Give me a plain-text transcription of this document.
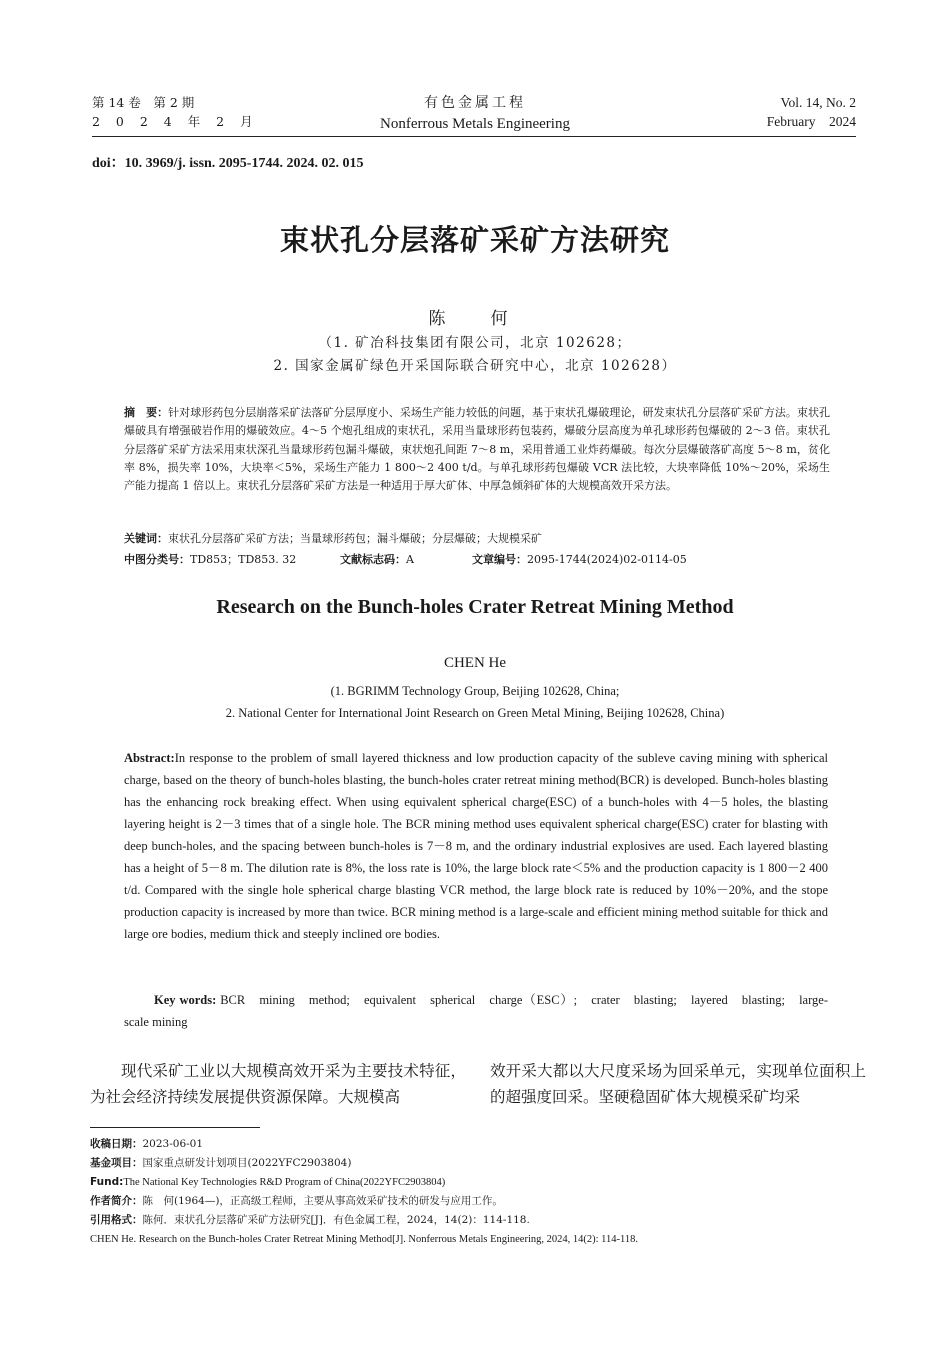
第 14 卷　第 2 期
2 0 2 4 年 2 月
有色金属工程
Nonferrous Metals Engineering
Vol. 14, No. 2
February　2024
doi：10. 3969/j. issn. 2095-1744. 2024. 02. 015
束状孔分层落矿采矿方法研究
陈　何
（1. 矿冶科技集团有限公司，北京 102628；
2. 国家金属矿绿色开采国际联合研究中心，北京 102628）
摘　要：针对球形药包分层崩落采矿法落矿分层厚度小、采场生产能力较低的问题，基于束状孔爆破理论，研发束状孔分层落矿采矿方法。束状孔爆破具有增强破岩作用的爆破效应。4～5 个炮孔组成的束状孔，采用当量球形药包装药，爆破分层高度为单孔球形药包爆破的 2～3 倍。束状孔分层落矿采矿方法采用束状深孔当量球形药包漏斗爆破，束状炮孔间距 7～8 m，采用普通工业炸药爆破。每次分层爆破落矿高度 5～8 m，贫化率 8%，损失率 10%，大块率＜5%，采场生产能力 1 800～2 400 t/d。与单孔球形药包爆破 VCR 法比较，大块率降低 10%～20%，采场生产能力提高 1 倍以上。束状孔分层落矿采矿方法是一种适用于厚大矿体、中厚急倾斜矿体的大规模高效开采方法。
关键词：束状孔分层落矿采矿方法；当量球形药包；漏斗爆破；分层爆破；大规模采矿
中图分类号：TD853；TD853. 32	文献标志码：A	文章编号：2095-1744(2024)02-0114-05
Research on the Bunch-holes Crater Retreat Mining Method
CHEN He
(1. BGRIMM Technology Group, Beijing 102628, China;
2. National Center for International Joint Research on Green Metal Mining, Beijing 102628, China)
Abstract:In response to the problem of small layered thickness and low production capacity of the subleve caving mining with spherical charge, based on the theory of bunch-holes blasting, the bunch-holes crater retreat mining method(BCR) is developed. Bunch-holes blasting has the enhancing rock breaking effect. When using equivalent spherical charge(ESC) of a bunch-holes with 4－5 holes, the blasting layering height is 2－3 times that of a single hole. The BCR mining method uses equivalent spherical charge(ESC) crater for blasting with deep bunch-holes, and the spacing between bunch-holes is 7－8 m, and the ordinary industrial explosives are used. Each layered blasting has a height of 5－8 m. The dilution rate is 8%, the loss rate is 10%, the large block rate＜5% and the production capacity is 1 800－2 400 t/d. Compared with the single hole spherical charge blasting VCR method, the large block rate is reduced by 10%－20%, and the stope production capacity is increased by more than twice. BCR mining method is a large-scale and efficient mining method suitable for thick and large ore bodies, medium thick and steeply inclined ore bodies.
Key words: BCR　mining　method;　equivalent　spherical　charge（ESC）;　crater　blasting;　layered　blasting;　large-scale mining
现代采矿工业以大规模高效开采为主要技术特征，为社会经济持续发展提供资源保障。大规模高
效开采大都以大尺度采场为回采单元，实现单位面积上的超强度回采。坚硬稳固矿体大规模采矿均采
收稿日期：2023-06-01
基金项目：国家重点研发计划项目(2022YFC2903804)
Fund:The National Key Technologies R&D Program of China(2022YFC2903804)
作者简介：陈　何(1964—)，正高级工程师，主要从事高效采矿技术的研发与应用工作。
引用格式：陈何．束状孔分层落矿采矿方法研究[J]．有色金属工程，2024，14(2)：114-118.
CHEN He. Research on the Bunch-holes Crater Retreat Mining Method[J]. Nonferrous Metals Engineering, 2024, 14(2): 114-118.
